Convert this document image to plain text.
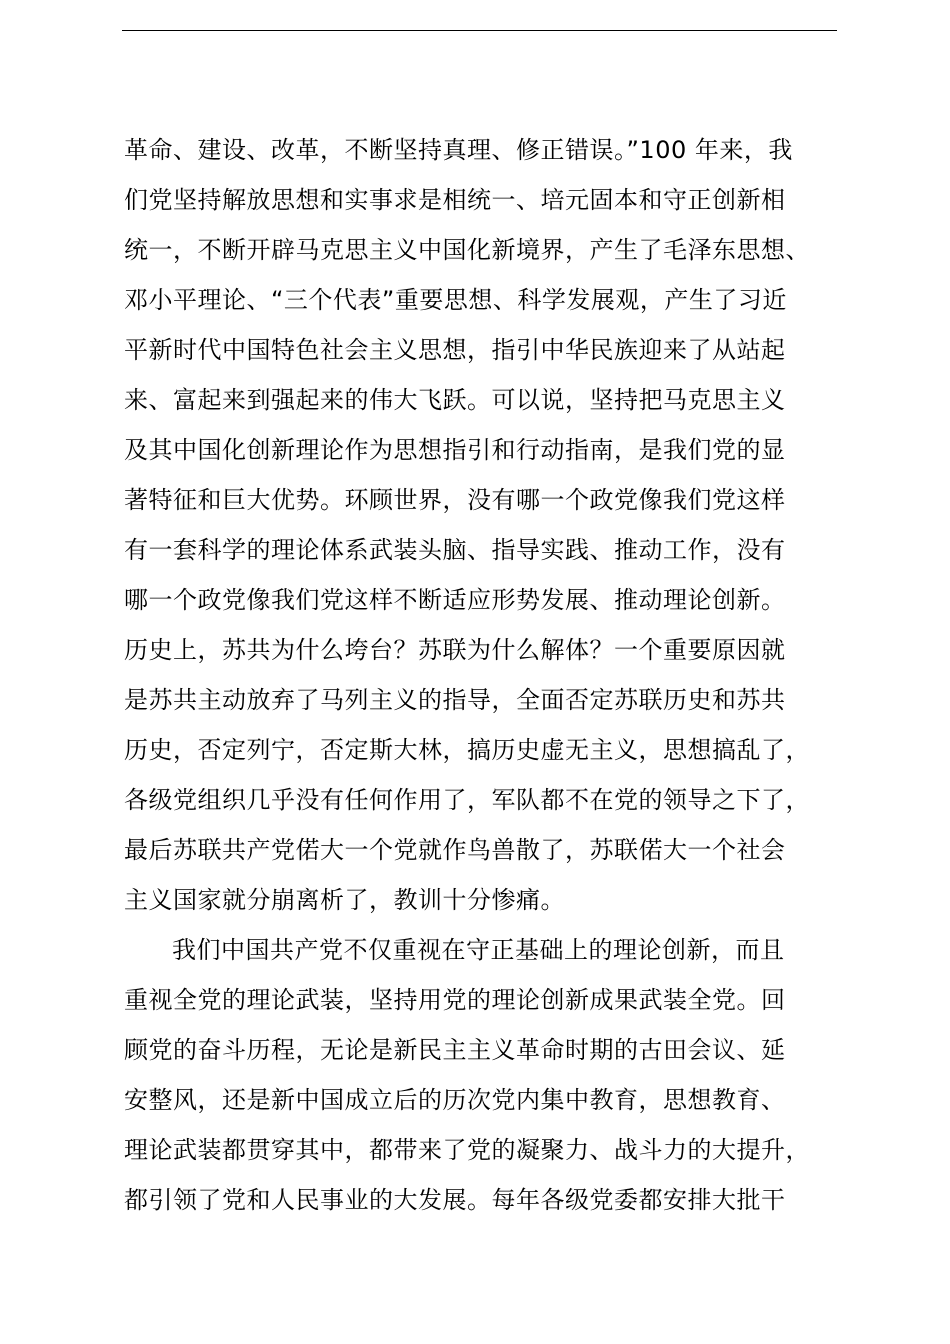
革命、建设、改革，不断坚持真理、修正错误。”100 年来，我
们党坚持解放思想和实事求是相统一、培元固本和守正创新相
统一，不断开辟马克思主义中国化新境界，产生了毛泽东思想、
邓小平理论、“三个代表”重要思想、科学发展观，产生了习近
平新时代中国特色社会主义思想，指引中华民族迎来了从站起
来、富起来到强起来的伟大飞跃。可以说，坚持把马克思主义
及其中国化创新理论作为思想指引和行动指南，是我们党的显
著特征和巨大优势。环顾世界，没有哪一个政党像我们党这样
有一套科学的理论体系武装头脑、指导实践、推动工作，没有
哪一个政党像我们党这样不断适应形势发展、推动理论创新。
历史上，苏共为什么垮台？苏联为什么解体？一个重要原因就
是苏共主动放弃了马列主义的指导，全面否定苏联历史和苏共
历史，否定列宁，否定斯大林，搞历史虚无主义，思想搞乱了，
各级党组织几乎没有任何作用了，军队都不在党的领导之下了，
最后苏联共产党偌大一个党就作鸟兽散了，苏联偌大一个社会
主义国家就分崩离析了，教训十分惨痛。
我们中国共产党不仅重视在守正基础上的理论创新，而且
重视全党的理论武装，坚持用党的理论创新成果武装全党。回
顾党的奋斗历程，无论是新民主主义革命时期的古田会议、延
安整风，还是新中国成立后的历次党内集中教育，思想教育、
理论武装都贯穿其中，都带来了党的凝聚力、战斗力的大提升，
都引领了党和人民事业的大发展。每年各级党委都安排大批干
